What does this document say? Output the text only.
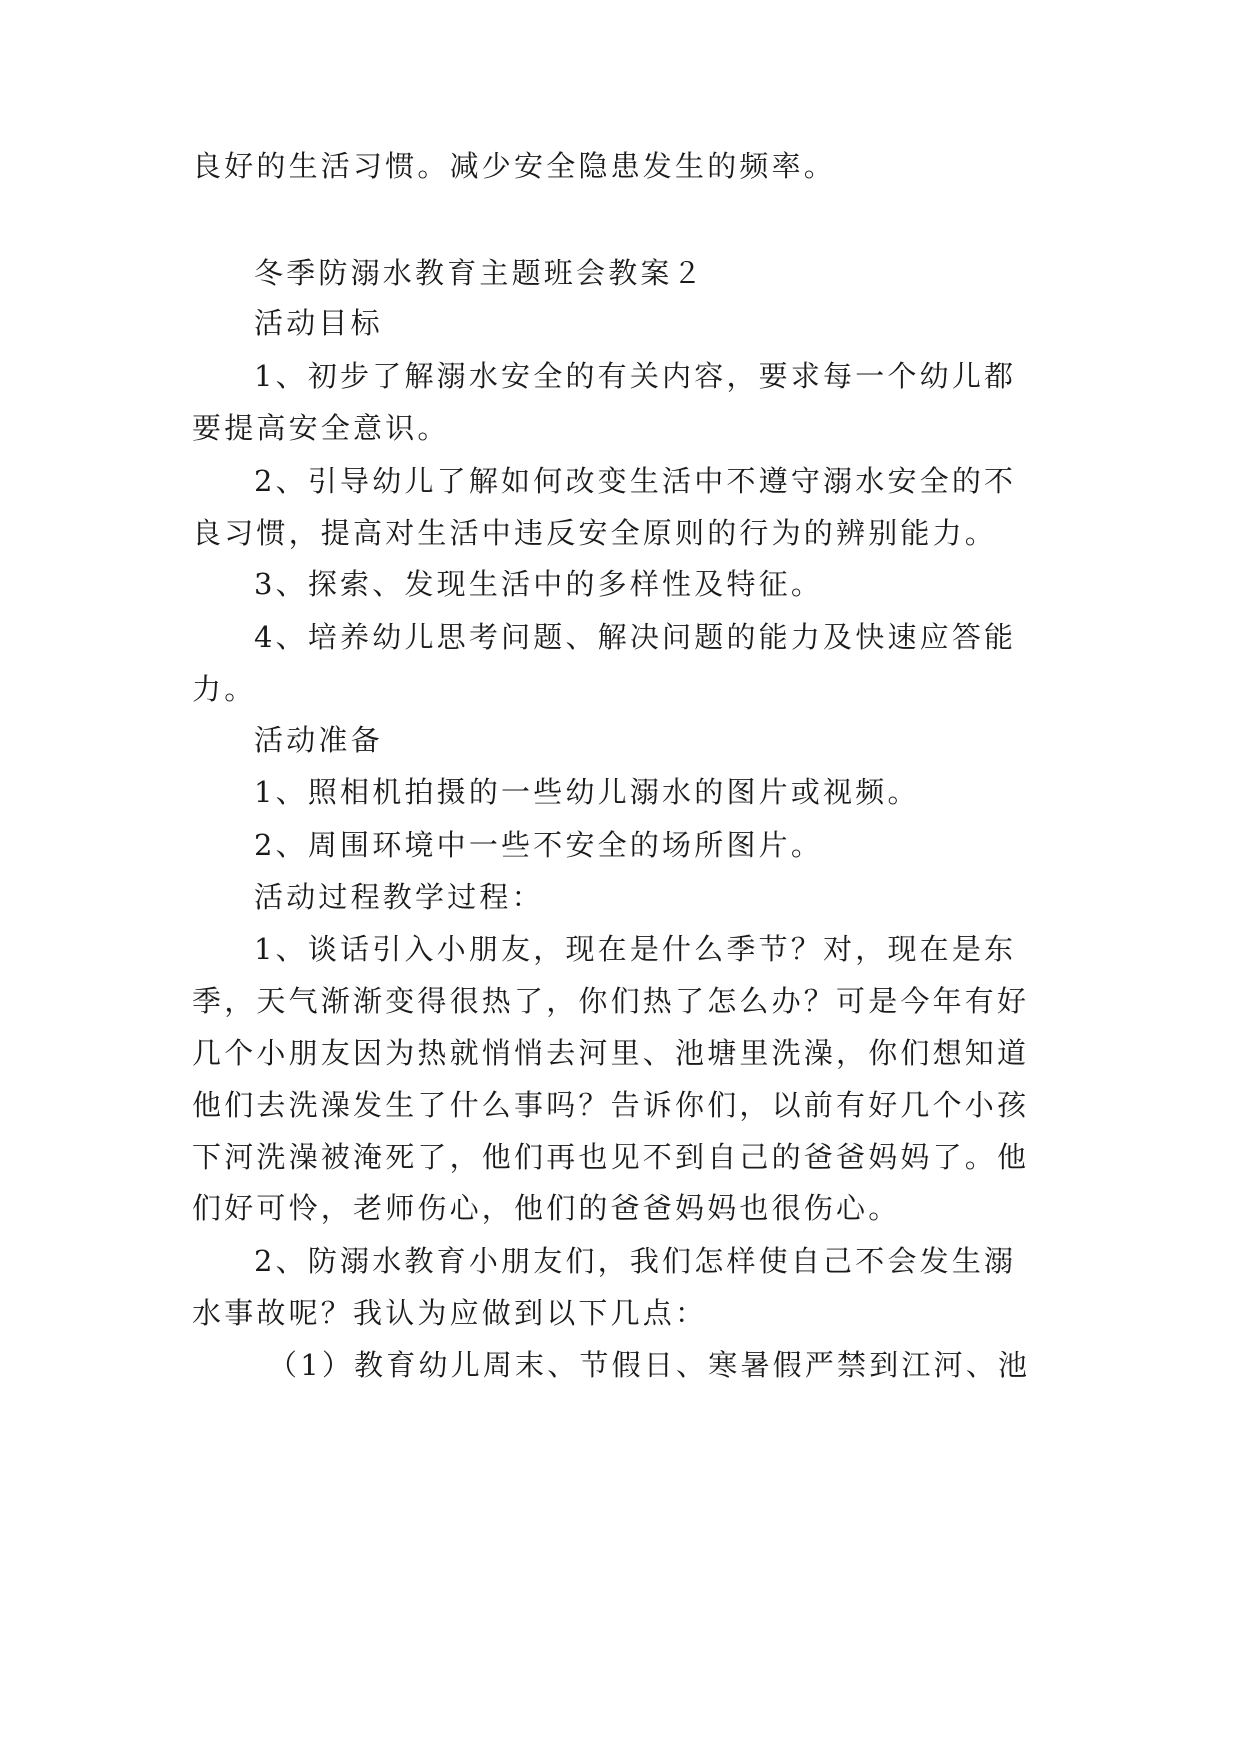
良好的生活习惯。减少安全隐患发生的频率。
冬季防溺水教育主题班会教案２
活动目标
1、初步了解溺水安全的有关内容，要求每一个幼儿都
要提高安全意识。
2、引导幼儿了解如何改变生活中不遵守溺水安全的不
良习惯，提高对生活中违反安全原则的行为的辨别能力。
3、探索、发现生活中的多样性及特征。
4、培养幼儿思考问题、解决问题的能力及快速应答能
力。
活动准备
1、照相机拍摄的一些幼儿溺水的图片或视频。
2、周围环境中一些不安全的场所图片。
活动过程教学过程：
1、谈话引入小朋友，现在是什么季节？对，现在是东
季，天气渐渐变得很热了，你们热了怎么办？可是今年有好
几个小朋友因为热就悄悄去河里、池塘里洗澡，你们想知道
他们去洗澡发生了什么事吗？告诉你们，以前有好几个小孩
下河洗澡被淹死了，他们再也见不到自己的爸爸妈妈了。他
们好可怜，老师伤心，他们的爸爸妈妈也很伤心。
2、防溺水教育小朋友们，我们怎样使自己不会发生溺
水事故呢？我认为应做到以下几点：
（1）教育幼儿周末、节假日、寒暑假严禁到江河、池
